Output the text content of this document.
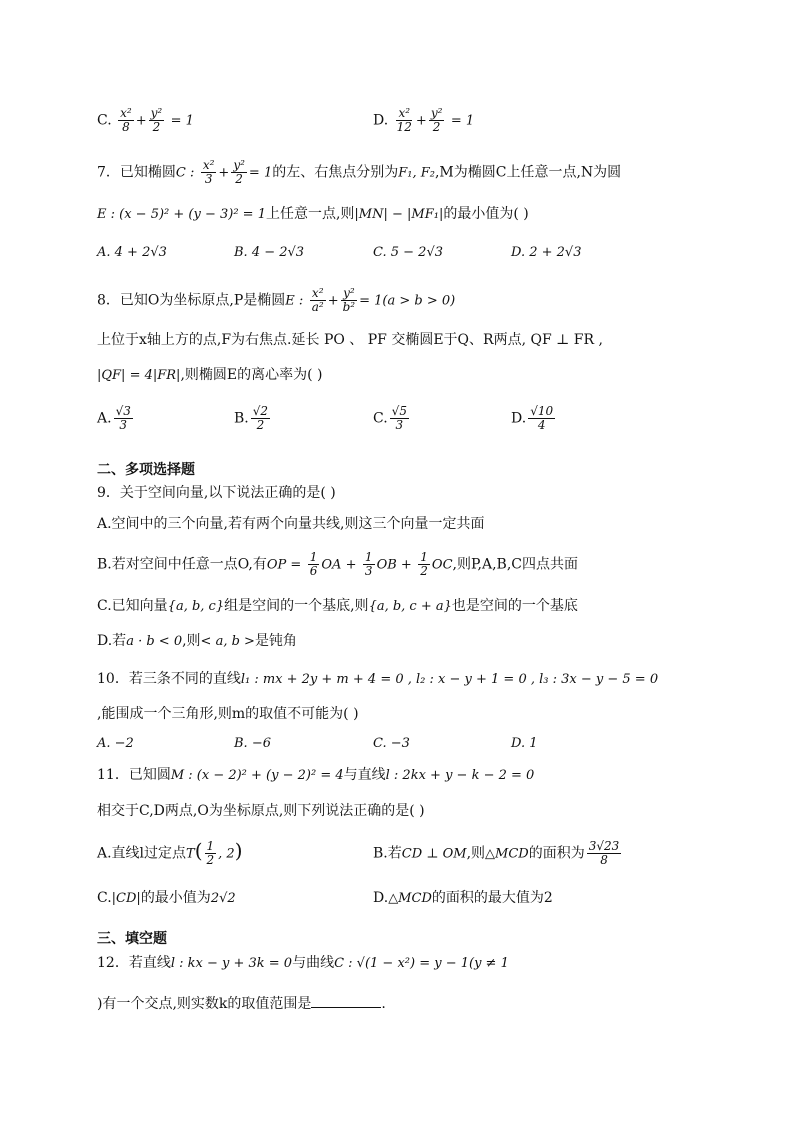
C. $\frac{\text{x²}}{8} + \frac{\text{y²}}{2} = 1$	D. $\frac{\text{x²}}{12} + \frac{\text{y²}}{2} = 1$
7．已知椭圆C : $\frac{\text{x²}}{3} + \frac{\text{y²}}{2} = 1$的左、右焦点分别为F₁, F₂,M为椭圆C上任意一点,N为圆
E : (x − 5)² + (y − 3)² = 1上任意一点,则|MN| − |MF₁|的最小值为( )
A. 4 + 2√3	B. 4 − 2√3	C. 5 − 2√3	D. 2 + 2√3
8．已知O为坐标原点,P是椭圆E : $\frac{\text{x²}}{\text{a²}} + \frac{\text{y²}}{\text{b²}} = 1(a > b > 0)$
上位于x轴上方的点,F为右焦点.延长 PO 、 PF 交椭圆E于Q、R两点, QF ⊥ FR ,
|QF| = 4|FR|,则椭圆E的离心率为( )
A. $\frac{√3}{3}$	B. $\frac{√2}{2}$	C. $\frac{√5}{3}$	D. $\frac{√10}{4}$
二、多项选择题
9．关于空间向量,以下说法正确的是( )
A.空间中的三个向量,若有两个向量共线,则这三个向量一定共面
B.若对空间中任意一点O,有OP = $\frac{1}{6}$ OA + $\frac{1}{3}$ OB + $\frac{1}{2}$ OC,则P,A,B,C四点共面
C.已知向量{a, b, c}组是空间的一个基底,则{a, b, c + a}也是空间的一个基底
D.若a · b < 0,则< a, b >是钝角
10．若三条不同的直线l₁ : mx + 2y + m + 4 = 0 , l₂ : x − y + 1 = 0 , l₃ : 3x − y − 5 = 0
,能围成一个三角形,则m的取值不可能为( )
A. −2	B. −6	C. −3	D. 1
11．已知圆M : (x − 2)² + (y − 2)² = 4与直线l : 2kx + y − k − 2 = 0
相交于C,D两点,O为坐标原点,则下列说法正确的是( )
A.直线l过定点$T( \frac{1}{2}$ , 2)	B.若CD ⊥ OM,则△MCD的面积为 $\frac{3√23}{8}$
C.|CD|的最小值为2√2	D.△MCD的面积的最大值为2
三、填空题
12．若直线l : kx − y + 3k = 0与曲线C : √(1 − x²) = y − 1(y ≠ 1
)有一个交点,则实数k的取值范围是	.
